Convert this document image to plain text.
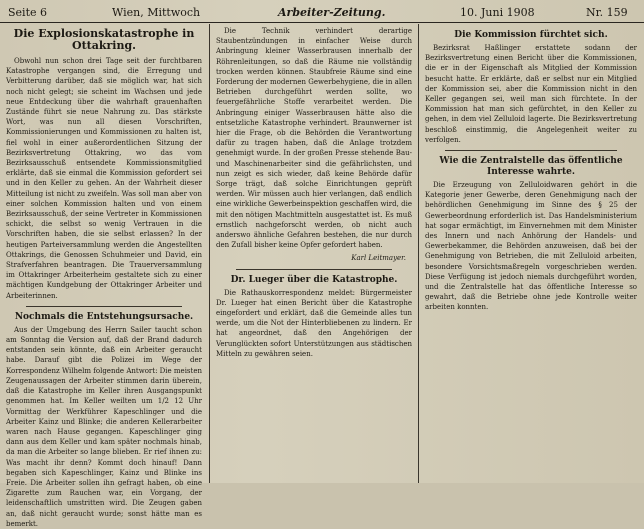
Seite 6	Wien, Mittwoch	Arbeiter-Zeitung.	10. Juni 1908	Nr. 159
Die Explosionskatastrophe in Ottakring.

Obwohl nun schon drei Tage seit der furchtbaren Katastrophe vergangen sind, die Erregung und Verbitterung darüber, daß sie möglich war, hat sich noch nicht gelegt; sie scheint im Wachsen und jede neue Entdeckung über die wahrhaft grauenhaften Zustände führt sie neue Nahrung zu. Das stärkste Wort, was nun all diesen Vorschriften, Kommissionierungen und Kommissionen zu halten ist, fiel wohl in einer außerordentlichen Sitzung der Bezirksvertretung Ottakring, wo das vom Bezirksausschuß entsendete Kommissionsmitglied erklärte, daß sie einmal die Kommission gefordert sei und in den Keller zu gehen. An der Wahrheit dieser Mitteilung ist nicht zu zweifeln. Was soll man aber von einer solchen Kommission halten und von einem Bezirksausschuß, der seine Vertreter in Kommissionen schickt, die selbst so wenig Vertrauen in die Vorschriften haben, die sie selbst erlassen? In der heutigen Parteiversammlung werden die Angestellten Ottakrings, die Genossen Schuhmeier und David, ein Strafverfahren beantragen. Die Trauerversammlung im Ottakringer Arbeiterheim gestaltete sich zu einer mächtigen Kundgebung der Ottakringer Arbeiter und Arbeiterinnen.

Nochmals die Entstehungsursache.

Aus der Umgebung des Herrn Sailer taucht schon am Sonntag die Version auf, daß der Brand dadurch entstanden sein könnte, daß ein Arbeiter geraucht habe. Darauf gibt die Polizei im Wege der Korrespondenz Wilhelm folgende Antwort: Die meisten Zeugenaussagen der Arbeiter stimmen darin überein, daß die Katastrophe im Keller ihren Ausgangspunkt genommen hat. Im Keller weilten um 1/2 12 Uhr Vormittag der Werkführer Kapeschlinger und die Arbeiter Kainz und Blinke; die anderen Kellerarbeiter waren nach Hause gegangen. Kapeschlinger ging dann aus dem Keller und kam später nochmals hinab, da man die Arbeiter so lange blieben. Er rief ihnen zu: Was macht ihr denn? Kommt doch hinauf! Dann begaben sich Kapeschlinger, Kainz und Blinke ins Freie. Die Arbeiter sollen ihn gefragt haben, ob eine Zigarette zum Rauchen war, ein Vorgang, der leidenschaftlich umstritten wird. Die Zeugen gaben an, daß nicht geraucht wurde; sonst hätte man es bemerkt.

Die Technik verhindert derartige Staubentzündungen in einfacher Weise durch Anbringung kleiner Wasserbrausen innerhalb der Röhrenleitungen, so daß die Räume nie vollständig trocken werden können. Staubfreie Räume sind eine Forderung der modernen Gewerbehygiene, die in allen Betrieben durchgeführt werden sollte, wo feuergefährliche Stoffe verarbeitet werden. Die Anbringung einiger Wasserbrausen hätte also die entsetzliche Katastrophe verhindert. Braunwerner ist hier die Frage, ob die Behörden die Verantwortung dafür zu tragen haben, daß die Anlage trotzdem genehmigt wurde. In der großen Presse stehende Bau- und Maschinenarbeiter sind die gefährlichsten, und nun zeigt es sich wieder, daß keine Behörde dafür Sorge trägt, daß solche Einrichtungen geprüft werden. Wir müssen auch hier verlangen, daß endlich eine wirkliche Gewerbeinspektion geschaffen wird, die mit den nötigen Machtmitteln ausgestattet ist. Es muß ernstlich nachgeforscht werden, ob nicht auch anderswo ähnliche Gefahren bestehen, die nur durch den Zufall bisher keine Opfer gefordert haben.

Karl Leitmayer.
Dr. Lueger über die Katastrophe.

Die Rathauskorrespondenz meldet: Bürgermeister Dr. Lueger hat einen Bericht über die Katastrophe eingefordert und erklärt, daß die Gemeinde alles tun werde, um die Not der Hinterbliebenen zu lindern. Er hat angeordnet, daß den Angehörigen der Verunglückten sofort Unterstützungen aus städtischen Mitteln zu gewähren seien.

Die Kommission fürchtet sich.

Bezirksrat Haßlinger erstattete sodann der Bezirksvertretung einen Bericht über die Kommissionen, die er in der Eigenschaft als Mitglied der Kommission besucht hatte. Er erklärte, daß er selbst nur ein Mitglied der Kommission sei, aber die Kommission nicht in den Keller gegangen sei, weil man sich fürchtete. In der Kommission hat man sich gefürchtet, in den Keller zu gehen, in dem viel Zelluloid lagerte. Die Bezirksvertretung beschloß einstimmig, die Angelegenheit weiter zu verfolgen.

Wie die Zentralstelle das öffentliche Interesse wahrte.

Die Erzeugung von Zelluloidwaren gehört in die Kategorie jener Gewerbe, deren Genehmigung nach der behördlichen Genehmigung im Sinne des § 25 der Gewerbeordnung erforderlich ist. Das Handelsministerium hat sogar ermächtigt, im Einvernehmen mit dem Minister des Innern und nach Anhörung der Handels- und Gewerbekammer, die Behörden anzuweisen, daß bei der Genehmigung von Betrieben, die mit Zelluloid arbeiten, besondere Vorsichtsmaßregeln vorgeschrieben werden. Diese Verfügung ist jedoch niemals durchgeführt worden, und die Zentralstelle hat das öffentliche Interesse so gewahrt, daß die Betriebe ohne jede Kontrolle weiter arbeiten konnten.
